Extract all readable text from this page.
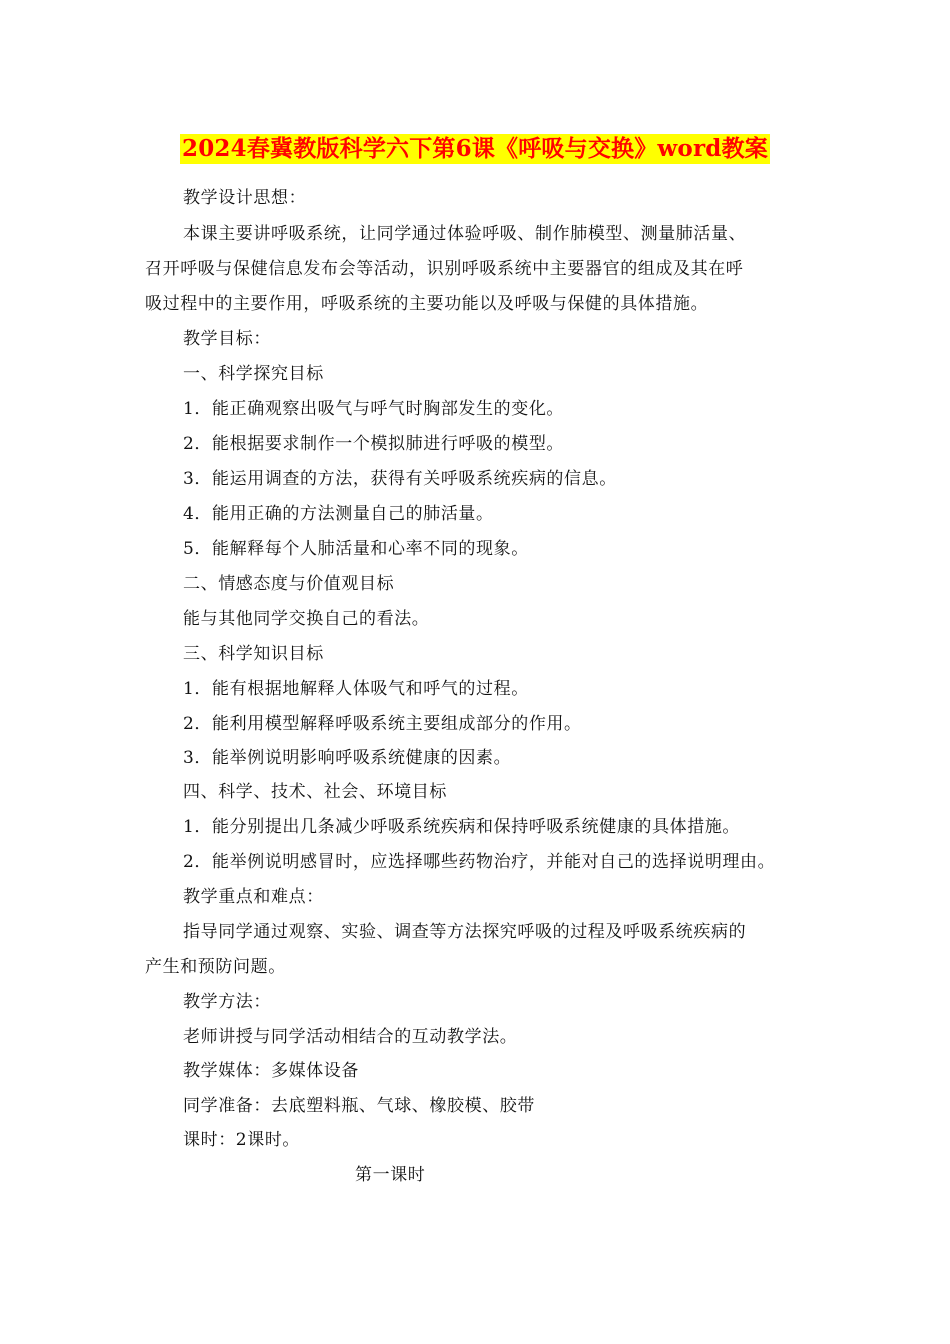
2024春冀教版科学六下第6课《呼吸与交换》word教案
教学设计思想：
本课主要讲呼吸系统，让同学通过体验呼吸、制作肺模型、测量肺活量、
召开呼吸与保健信息发布会等活动，识别呼吸系统中主要器官的组成及其在呼
吸过程中的主要作用，呼吸系统的主要功能以及呼吸与保健的具体措施。
教学目标：
一、科学探究目标
1．能正确观察出吸气与呼气时胸部发生的变化。
2．能根据要求制作一个模拟肺进行呼吸的模型。
3．能运用调查的方法，获得有关呼吸系统疾病的信息。
4．能用正确的方法测量自己的肺活量。
5．能解释每个人肺活量和心率不同的现象。
二、情感态度与价值观目标
能与其他同学交换自己的看法。
三、科学知识目标
1．能有根据地解释人体吸气和呼气的过程。
2．能利用模型解释呼吸系统主要组成部分的作用。
3．能举例说明影响呼吸系统健康的因素。
四、科学、技术、社会、环境目标
1．能分别提出几条减少呼吸系统疾病和保持呼吸系统健康的具体措施。
2．能举例说明感冒时，应选择哪些药物治疗，并能对自己的选择说明理由。
教学重点和难点：
指导同学通过观察、实验、调查等方法探究呼吸的过程及呼吸系统疾病的
产生和预防问题。
教学方法：
老师讲授与同学活动相结合的互动教学法。
教学媒体：多媒体设备
同学准备：去底塑料瓶、气球、橡胶模、胶带
课时：2课时。
第一课时
